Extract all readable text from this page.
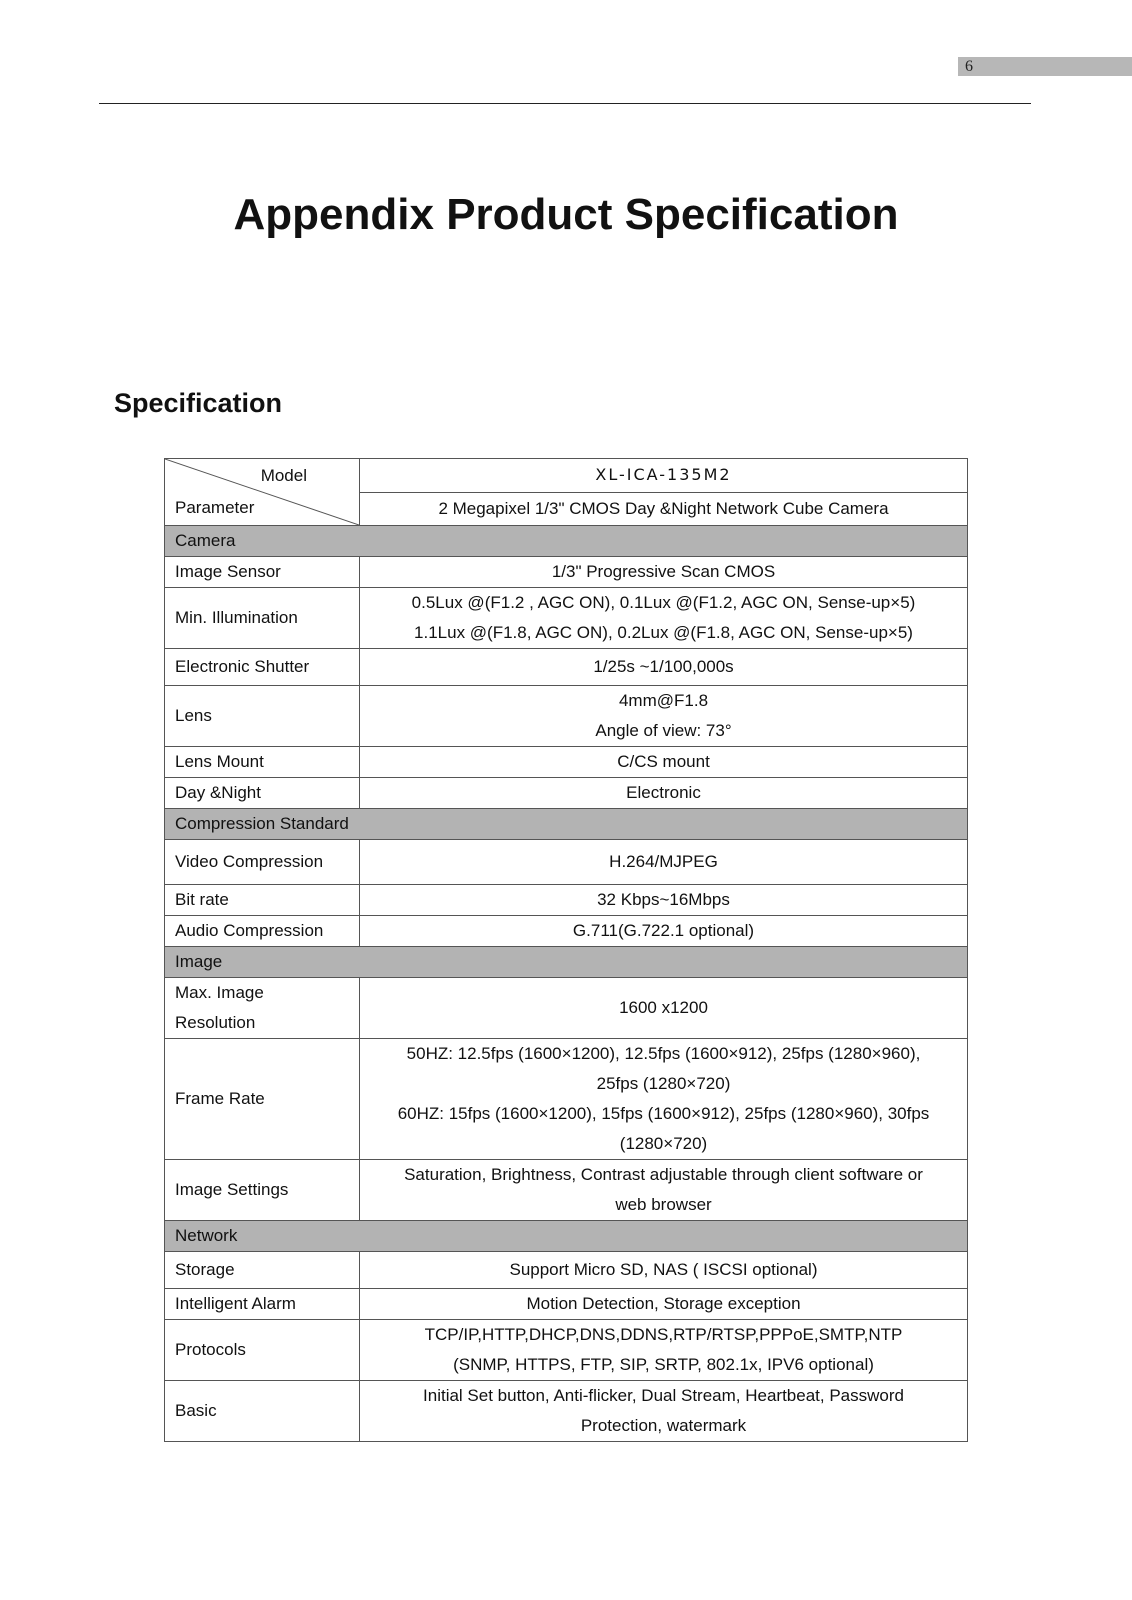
6
Appendix Product Specification
Specification
Model
Parameter	XL-ICA-135M2
	2 Megapixel 1/3" CMOS Day &Night Network Cube Camera
Camera	
Image Sensor	1/3" Progressive Scan CMOS
Min. Illumination	0.5Lux @(F1.2 , AGC ON), 0.1Lux @(F1.2, AGC ON, Sense-up×5)
1.1Lux @(F1.8, AGC ON), 0.2Lux @(F1.8, AGC ON, Sense-up×5)

Electronic Shutter	1/25s ~1/100,000s
Lens	4mm@F1.8
Angle of view: 73°

Lens Mount	C/CS mount
Day &Night	Electronic
Compression Standard	
Video Compression	H.264/MJPEG
Bit rate	32 Kbps~16Mbps
Audio Compression	G.711(G.722.1 optional)
Image	

Max. Image
Resolution	1600 x1200
Frame Rate	50HZ: 12.5fps (1600×1200), 12.5fps (1600×912), 25fps (1280×960),
25fps (1280×720)
60HZ: 15fps (1600×1200), 15fps (1600×912), 25fps (1280×960), 30fps
(1280×720)

Image Settings	Saturation, Brightness, Contrast adjustable through client software or
web browser

Network	
Storage	Support Micro SD, NAS ( ISCSI optional)
Intelligent Alarm	Motion Detection, Storage exception
Protocols	TCP/IP,HTTP,DHCP,DNS,DDNS,RTP/RTSP,PPPoE,SMTP,NTP
(SNMP, HTTPS, FTP, SIP, SRTP, 802.1x, IPV6 optional)

Basic	Initial Set button, Anti-flicker, Dual Stream, Heartbeat, Password
Protection, watermark
